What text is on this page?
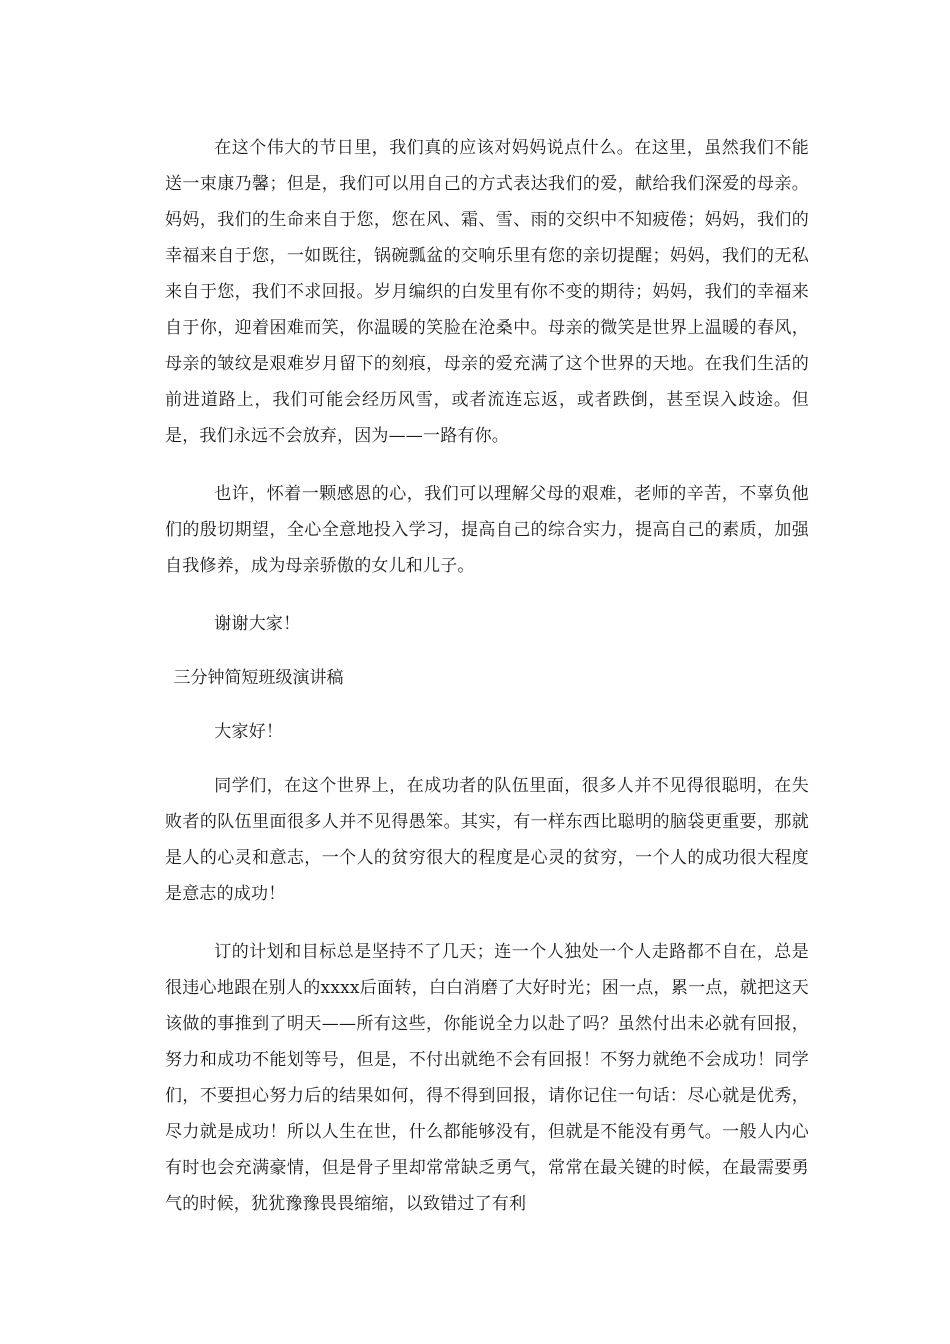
在这个伟大的节日里，我们真的应该对妈妈说点什么。在这里，虽然我们不能送一束康乃馨；但是，我们可以用自己的方式表达我们的爱，献给我们深爱的母亲。妈妈，我们的生命来自于您，您在风、霜、雪、雨的交织中不知疲倦；妈妈，我们的幸福来自于您，一如既往，锅碗瓢盆的交响乐里有您的亲切提醒；妈妈，我们的无私来自于您，我们不求回报。岁月编织的白发里有你不变的期待；妈妈，我们的幸福来自于你，迎着困难而笑，你温暖的笑脸在沧桑中。母亲的微笑是世界上温暖的春风，母亲的皱纹是艰难岁月留下的刻痕，母亲的爱充满了这个世界的天地。在我们生活的前进道路上，我们可能会经历风雪，或者流连忘返，或者跌倒，甚至误入歧途。但是，我们永远不会放弃，因为——一路有你。

也许，怀着一颗感恩的心，我们可以理解父母的艰难，老师的辛苦，不辜负他们的殷切期望，全心全意地投入学习，提高自己的综合实力，提高自己的素质，加强自我修养，成为母亲骄傲的女儿和儿子。

谢谢大家！

三分钟简短班级演讲稿

大家好！

同学们，在这个世界上，在成功者的队伍里面，很多人并不见得很聪明，在失败者的队伍里面很多人并不见得愚笨。其实，有一样东西比聪明的脑袋更重要，那就是人的心灵和意志，一个人的贫穷很大的程度是心灵的贫穷，一个人的成功很大程度是意志的成功！

订的计划和目标总是坚持不了几天；连一个人独处一个人走路都不自在，总是很违心地跟在别人的xxxx后面转，白白消磨了大好时光；困一点，累一点，就把这天该做的事推到了明天——所有这些，你能说全力以赴了吗？虽然付出未必就有回报，努力和成功不能划等号，但是，不付出就绝不会有回报！不努力就绝不会成功！同学们，不要担心努力后的结果如何，得不得到回报，请你记住一句话：尽心就是优秀，尽力就是成功！所以人生在世，什么都能够没有，但就是不能没有勇气。一般人内心有时也会充满豪情，但是骨子里却常常缺乏勇气，常常在最关键的时候，在最需要勇气的时候，犹犹豫豫畏畏缩缩，以致错过了有利
